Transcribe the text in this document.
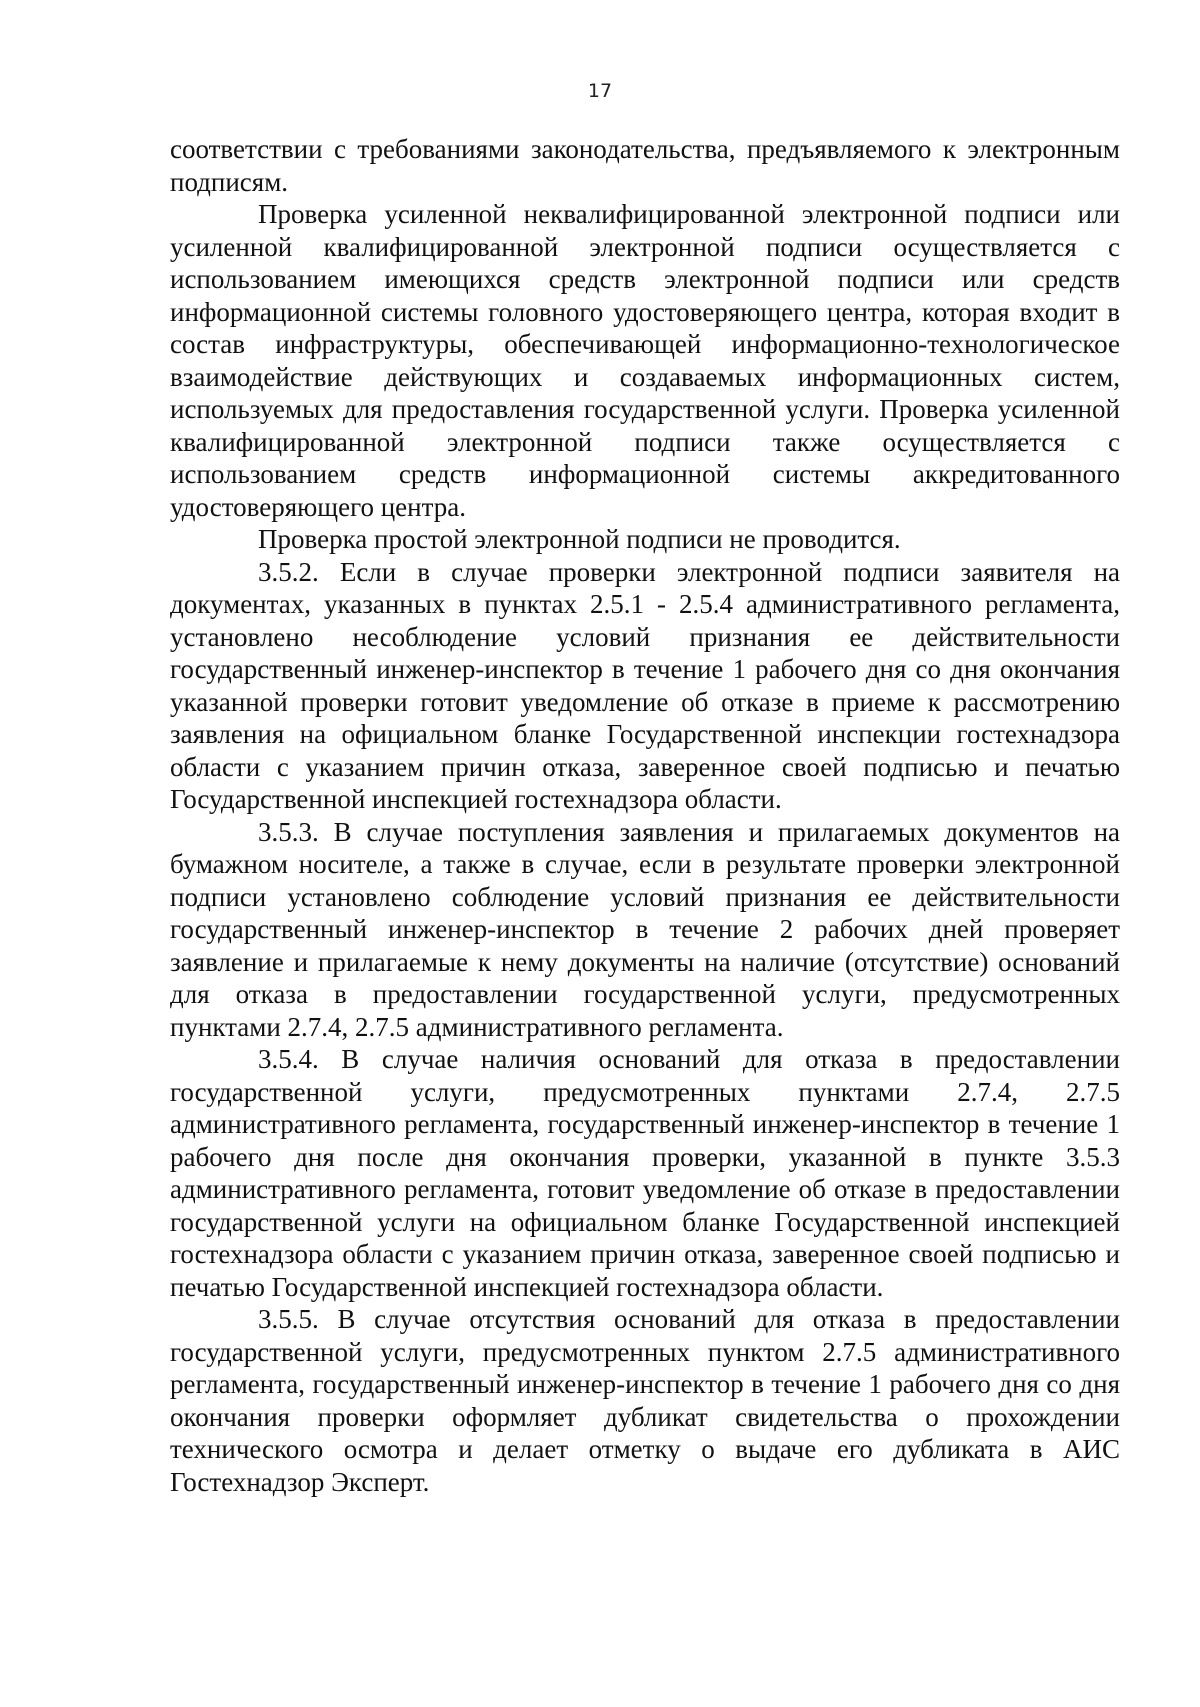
17

соответствии с требованиями законодательства, предъявляемого к электронным подписям.

Проверка усиленной неквалифицированной электронной подписи или усиленной квалифицированной электронной подписи осуществляется с использованием имеющихся средств электронной подписи или средств информационной системы головного удостоверяющего центра, которая входит в состав инфраструктуры, обеспечивающей информационно-технологическое взаимодействие действующих и создаваемых информационных систем, используемых для предоставления государственной услуги. Проверка усиленной квалифицированной электронной подписи также осуществляется с использованием средств информационной системы аккредитованного удостоверяющего центра.

Проверка простой электронной подписи не проводится.

3.5.2. Если в случае проверки электронной подписи заявителя на документах, указанных в пунктах 2.5.1 - 2.5.4 административного регламента, установлено несоблюдение условий признания ее действительности государственный инженер-инспектор в течение 1 рабочего дня со дня окончания указанной проверки готовит уведомление об отказе в приеме к рассмотрению заявления на официальном бланке Государственной инспекции гостехнадзора области с указанием причин отказа, заверенное своей подписью и печатью Государственной инспекцией гостехнадзора области.

3.5.3. В случае поступления заявления и прилагаемых документов на бумажном носителе, а также в случае, если в результате проверки электронной подписи установлено соблюдение условий признания ее действительности государственный инженер-инспектор в течение 2 рабочих дней проверяет заявление и прилагаемые к нему документы на наличие (отсутствие) оснований для отказа в предоставлении государственной услуги, предусмотренных пунктами 2.7.4, 2.7.5 административного регламента.

3.5.4. В случае наличия оснований для отказа в предоставлении государственной услуги, предусмотренных пунктами 2.7.4, 2.7.5 административного регламента, государственный инженер-инспектор в течение 1 рабочего дня после дня окончания проверки, указанной в пункте 3.5.3 административного регламента, готовит уведомление об отказе в предоставлении государственной услуги на официальном бланке Государственной инспекцией гостехнадзора области с указанием причин отказа, заверенное своей подписью и печатью Государственной инспекцией гостехнадзора области.

3.5.5. В случае отсутствия оснований для отказа в предоставлении государственной услуги, предусмотренных пунктом 2.7.5 административного регламента, государственный инженер-инспектор в течение 1 рабочего дня со дня окончания проверки оформляет дубликат свидетельства о прохождении технического осмотра и делает отметку о выдаче его дубликата в АИС Гостехнадзор Эксперт.
